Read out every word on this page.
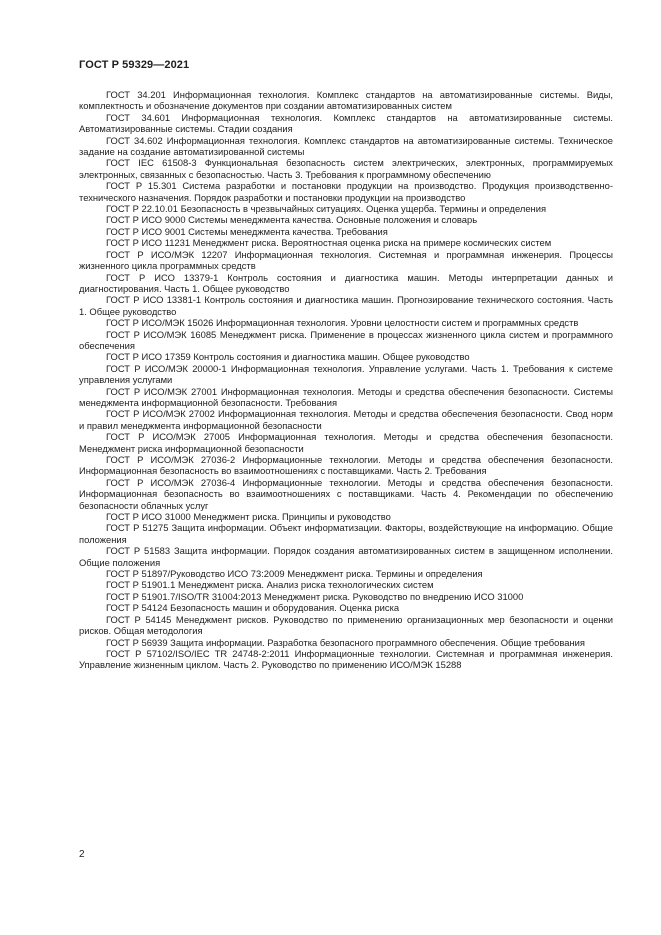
ГОСТ Р 59329—2021

ГОСТ 34.201 Информационная технология. Комплекс стандартов на автоматизированные системы. Виды, комплектность и обозначение документов при создании автоматизированных систем

ГОСТ 34.601 Информационная технология. Комплекс стандартов на автоматизированные системы. Автоматизированные системы. Стадии создания

ГОСТ 34.602 Информационная технология. Комплекс стандартов на автоматизированные системы. Техническое задание на создание автоматизированной системы

ГОСТ IEC 61508-3 Функциональная безопасность систем электрических, электронных, программируемых электронных, связанных с безопасностью. Часть 3. Требования к программному обеспечению

ГОСТ Р 15.301 Система разработки и постановки продукции на производство. Продукция производственно-технического назначения. Порядок разработки и постановки продукции на производство

ГОСТ Р 22.10.01 Безопасность в чрезвычайных ситуациях. Оценка ущерба. Термины и определения

ГОСТ Р ИСО 9000 Системы менеджмента качества. Основные положения и словарь

ГОСТ Р ИСО 9001 Системы менеджмента качества. Требования

ГОСТ Р ИСО 11231 Менеджмент риска. Вероятностная оценка риска на примере космических систем

ГОСТ Р ИСО/МЭК 12207 Информационная технология. Системная и программная инженерия. Процессы жизненного цикла программных средств

ГОСТ Р ИСО 13379-1 Контроль состояния и диагностика машин. Методы интерпретации данных и диагностирования. Часть 1. Общее руководство

ГОСТ Р ИСО 13381-1 Контроль состояния и диагностика машин. Прогнозирование технического состояния. Часть 1. Общее руководство

ГОСТ Р ИСО/МЭК 15026 Информационная технология. Уровни целостности систем и программных средств

ГОСТ Р ИСО/МЭК 16085 Менеджмент риска. Применение в процессах жизненного цикла систем и программного обеспечения

ГОСТ Р ИСО 17359 Контроль состояния и диагностика машин. Общее руководство

ГОСТ Р ИСО/МЭК 20000-1 Информационная технология. Управление услугами. Часть 1. Требования к системе управления услугами

ГОСТ Р ИСО/МЭК 27001 Информационная технология. Методы и средства обеспечения безопасности. Системы менеджмента информационной безопасности. Требования

ГОСТ Р ИСО/МЭК 27002 Информационная технология. Методы и средства обеспечения безопасности. Свод норм и правил менеджмента информационной безопасности

ГОСТ Р ИСО/МЭК 27005 Информационная технология. Методы и средства обеспечения безопасности. Менеджмент риска информационной безопасности

ГОСТ Р ИСО/МЭК 27036-2 Информационные технологии. Методы и средства обеспечения безопасности. Информационная безопасность во взаимоотношениях с поставщиками. Часть 2. Требования

ГОСТ Р ИСО/МЭК 27036-4 Информационные технологии. Методы и средства обеспечения безопасности. Информационная безопасность во взаимоотношениях с поставщиками. Часть 4. Рекомендации по обеспечению безопасности облачных услуг

ГОСТ Р ИСО 31000 Менеджмент риска. Принципы и руководство

ГОСТ Р 51275 Защита информации. Объект информатизации. Факторы, воздействующие на информацию. Общие положения

ГОСТ Р 51583 Защита информации. Порядок создания автоматизированных систем в защищенном исполнении. Общие положения

ГОСТ Р 51897/Руководство ИСО 73:2009 Менеджмент риска. Термины и определения

ГОСТ Р 51901.1 Менеджмент риска. Анализ риска технологических систем

ГОСТ Р 51901.7/ISO/TR 31004:2013 Менеджмент риска. Руководство по внедрению ИСО 31000

ГОСТ Р 54124 Безопасность машин и оборудования. Оценка риска

ГОСТ Р 54145 Менеджмент рисков. Руководство по применению организационных мер безопасности и оценки рисков. Общая методология

ГОСТ Р 56939 Защита информации. Разработка безопасного программного обеспечения. Общие требования

ГОСТ Р 57102/ISO/IEC TR 24748-2:2011 Информационные технологии. Системная и программная инженерия. Управление жизненным циклом. Часть 2. Руководство по применению ИСО/МЭК 15288

2
